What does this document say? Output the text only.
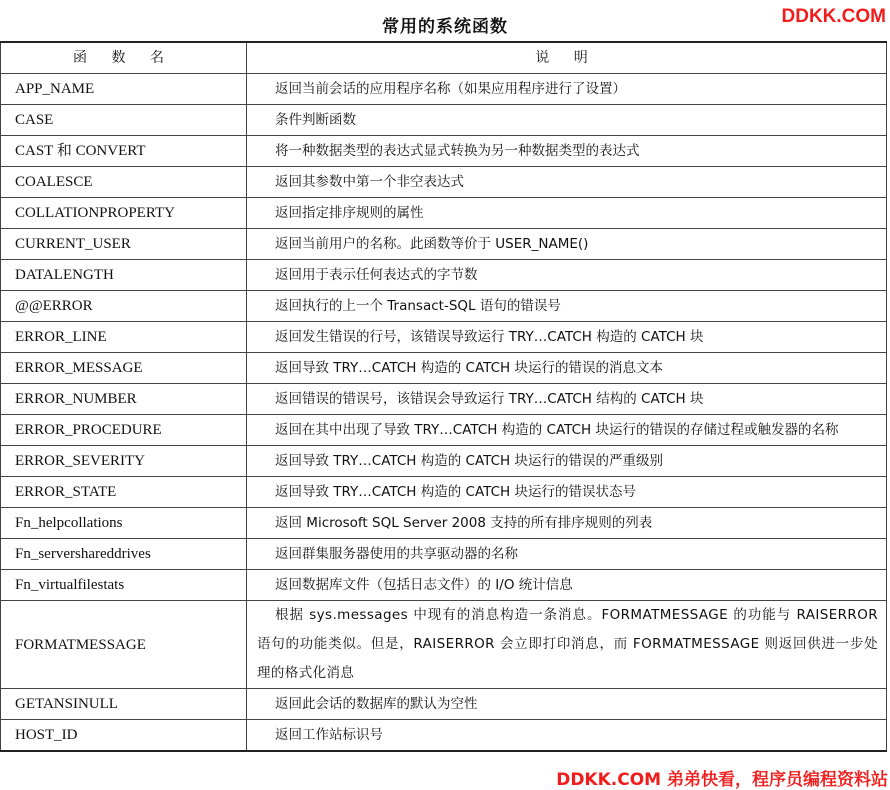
常用的系统函数	DDKK.COM
函 数 名	说 明
APP_NAME	返回当前会话的应用程序名称（如果应用程序进行了设置）
CASE	条件判断函数
CAST 和 CONVERT	将一种数据类型的表达式显式转换为另一种数据类型的表达式
COALESCE	返回其参数中第一个非空表达式
COLLATIONPROPERTY	返回指定排序规则的属性
CURRENT_USER	返回当前用户的名称。此函数等价于 USER_NAME()
DATALENGTH	返回用于表示任何表达式的字节数
@@ERROR	返回执行的上一个 Transact-SQL 语句的错误号
ERROR_LINE	返回发生错误的行号，该错误导致运行 TRY…CATCH 构造的 CATCH 块
ERROR_MESSAGE	返回导致 TRY…CATCH 构造的 CATCH 块运行的错误的消息文本
ERROR_NUMBER	返回错误的错误号，该错误会导致运行 TRY…CATCH 结构的 CATCH 块
ERROR_PROCEDURE	返回在其中出现了导致 TRY…CATCH 构造的 CATCH 块运行的错误的存储过程或触发器的名称
ERROR_SEVERITY	返回导致 TRY…CATCH 构造的 CATCH 块运行的错误的严重级别
ERROR_STATE	返回导致 TRY…CATCH 构造的 CATCH 块运行的错误状态号
Fn_helpcollations	返回 Microsoft SQL Server 2008 支持的所有排序规则的列表
Fn_servershareddrives	返回群集服务器使用的共享驱动器的名称
Fn_virtualfilestats	返回数据库文件（包括日志文件）的 I/O 统计信息
FORMATMESSAGE	根据 sys.messages 中现有的消息构造一条消息。FORMATMESSAGE 的功能与 RAISERROR 语句的功能类似。但是，RAISERROR 会立即打印消息，而 FORMATMESSAGE 则返回供进一步处理的格式化消息
GETANSINULL	返回此会话的数据库的默认为空性
HOST_ID	返回工作站标识号
DDKK.COM 弟弟快看，程序员编程资料站
